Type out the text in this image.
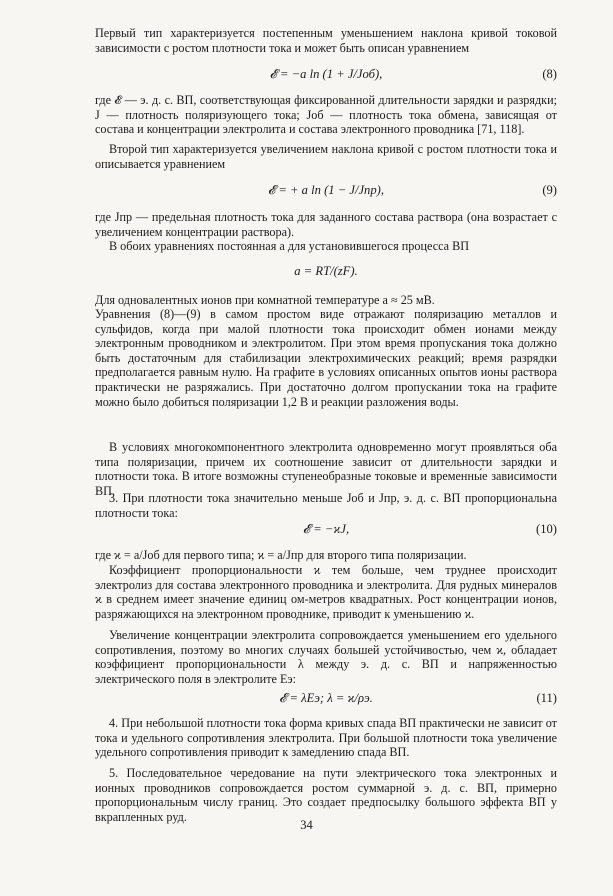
Первый тип характеризуется постепенным уменьшением наклона кривой токовой зависимости с ростом плотности тока и может быть описан уравнением
𝓔 = −a ln (1 + J/Jоб),	(8)
где 𝓔 — э. д. с. ВП, соответствующая фиксированной длительности зарядки и разрядки; J — плотность поляризующего тока; Jоб — плотность тока обмена, зависящая от состава и концентрации электролита и состава электронного проводника [71, 118].
Второй тип характеризуется увеличением наклона кривой с ростом плотности тока и описывается уравнением
𝓔 = + a ln (1 − J/Jпр),	(9)
где Jпр — предельная плотность тока для заданного состава раствора (она возрастает с увеличением концентрации раствора).
В обоих уравнениях постоянная a для установившегося процесса ВП
a = RT/(zF).
Для одновалентных ионов при комнатной температуре a ≈ 25 мВ.
Уравнения (8)—(9) в самом простом виде отражают поляризацию металлов и сульфидов, когда при малой плотности тока происходит обмен ионами между электронным проводником и электролитом. При этом время пропускания тока должно быть достаточным для стабилизации электрохимических реакций; время разрядки предполагается равным нулю. На графите в условиях описанных опытов ионы раствора практически не разряжались. При достаточно долгом пропускании тока на графите можно было добиться поляризации 1,2 В и реакции разложения воды.
В условиях многокомпонентного электролита одновременно могут проявляться оба типа поляризации, причем их соотношение зависит от длительности зарядки и плотности тока. В итоге возможны ступенеобразные токовые и временны́е зависимости ВП.
3. При плотности тока значительно меньше Jоб и Jпр, э. д. с. ВП пропорциональна плотности тока:
𝓔 = −ϰJ,	(10)
где ϰ = a/Jоб для первого типа; ϰ = a/Jпр для второго типа поляризации.
Коэффициент пропорциональности ϰ тем больше, чем труднее происходит электролиз для состава электронного проводника и электролита. Для рудных минералов ϰ в среднем имеет значение единиц ом-метров квадратных. Рост концентрации ионов, разряжающихся на электронном проводнике, приводит к уменьшению ϰ.
Увеличение концентрации электролита сопровождается уменьшением его удельного сопротивления, поэтому во многих случаях большей устойчивостью, чем ϰ, обладает коэффициент пропорциональности λ между э. д. с. ВП и напряженностью электрического поля в электролите Eэ:
𝓔 = λEэ; λ = ϰ/ρэ.	(11)
4. При небольшой плотности тока форма кривых спада ВП практически не зависит от тока и удельного сопротивления электролита. При большой плотности тока увеличение удельного сопротивления приводит к замедлению спада ВП.
5. Последовательное чередование на пути электрического тока электронных и ионных проводников сопровождается ростом суммарной э. д. с. ВП, примерно пропорциональным числу границ. Это создает предпосылку большого эффекта ВП у вкрапленных руд.
34
